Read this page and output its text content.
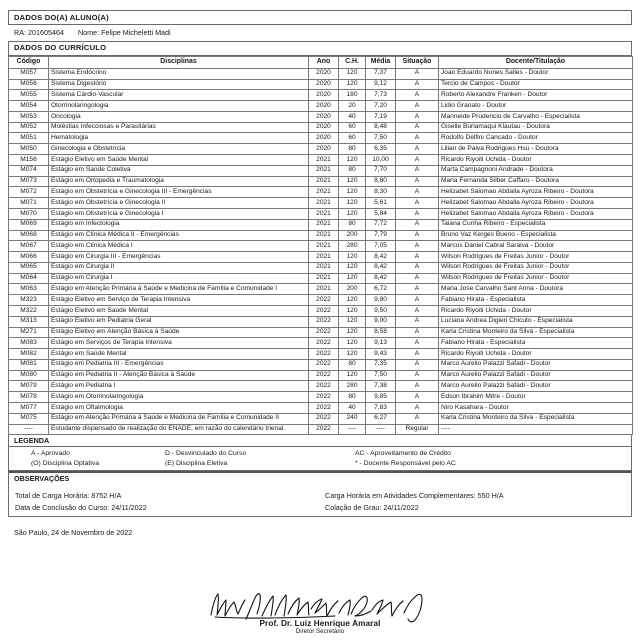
DADOS DO(A) ALUNO(A)
RA: 201605464 Nome: Felipe Micheletti Madi
DADOS DO CURRÍCULO
Código	Disciplinas	Ano	C.H.	Média	Situação	Docente/Titulação
M057	Sistema Endócrino	2020	120	7,37	A	Joao Eduardo Nunes Salles - Doutor
M056	Sistema Digestório	2020	120	9,12	A	Tercio de Campos - Doutor
M055	Sistema Cárdio-Vascular	2020	180	7,73	A	Roberto Alexandre Franken - Doutor
M054	Otorrinolaringologia	2020	20	7,20	A	Lidio Granato - Doutor
M053	Oncologia	2020	40	7,19	A	Marineide Prudencio de Carvalho - Especialista
M052	Moléstias Infecciosas e Parasitárias	2020	60	8,48	A	Giselle Burlamaqui Klautau - Doutora
M051	Hematologia	2020	60	7,50	A	Rodolfo Delfini Cancado - Doutor
M050	Ginecologia e Obstetrícia	2020	80	6,35	A	Lilian de Paiva Rodrigues Hsu - Doutora
M156	Estágio Eletivo em Saúde Mental	2021	120	10,00	A	Ricardo Riyoiti Uchida - Doutor
M074	Estágio em Saúde Coletiva	2021	80	7,70	A	Marta Campagnoni Andrade - Doutora
M073	Estágio em Ortopedia e Traumatologia	2021	120	8,80	A	Maria Fernanda Silber Caffaro - Doutora
M072	Estágio em Obstetrícia e Ginecologia III - Emergências	2021	120	8,30	A	Helizabet Salomao Abdalla Ayroza Ribeiro - Doutora
M071	Estágio em Obstetrícia e Ginecologia II	2021	120	5,61	A	Helizabet Salomao Abdalla Ayroza Ribeiro - Doutora
M070	Estágio em Obstetrícia e Ginecologia I	2021	120	5,84	A	Helizabet Salomao Abdalla Ayroza Ribeiro - Doutora
M069	Estágio em Infectologia	2021	80	7,72	A	Taiana Cunha Ribeiro - Especialista
M068	Estágio em Clínica Médica II - Emergências	2021	200	7,79	A	Bruno Vaz Kerges Bueno - Especialista
M067	Estágio em Clínica Médica I	2021	280	7,05	A	Marcos Daniel Cabral Saraiva - Doutor
M066	Estágio em Cirurgia III - Emergências	2021	120	8,42	A	Wilson Rodrigues de Freitas Junior - Doutor
M065	Estágio em Cirurgia II	2021	120	8,42	A	Wilson Rodrigues de Freitas Junior - Doutor
M064	Estágio em Cirurgia I	2021	120	8,42	A	Wilson Rodrigues de Freitas Junior - Doutor
M063	Estágio em Atenção Primária à Saúde e Medicina de Família e Comunidade I	2021	200	6,72	A	Maria Jose Carvalho Sant Anna - Doutora
M323	Estágio Eletivo em Serviço de Terapia Intensiva	2022	120	9,80	A	Fabiano Hirata - Especialista
M322	Estágio Eletivo em Saúde Mental	2022	120	9,50	A	Ricardo Riyoiti Uchida - Doutor
M313	Estágio Eletivo em Pediatria Geral	2022	120	9,00	A	Luciana Andrea Digieri Chicuto - Especialista
M271	Estágio Eletivo em Atenção Básica à Saúde	2022	120	8,58	A	Karla Cristina Monteiro da Silva - Especialista
M083	Estágio em Serviços de Terapia Intensiva	2022	120	9,13	A	Fabiano Hirata - Especialista
M082	Estágio em Saúde Mental	2022	120	9,43	A	Ricardo Riyoiti Uchida - Doutor
M081	Estágio em Pediatria III - Emergências	2022	80	7,35	A	Marco Aurelio Palazzi Safadi - Doutor
M080	Estágio em Pediatria II - Atenção Básica à Saúde	2022	120	7,50	A	Marco Aurelio Palazzi Safadi - Doutor
M079	Estágio em Pediatria I	2022	280	7,38	A	Marco Aurelio Palazzi Safadi - Doutor
M078	Estágio em Otorrinolaringologia	2022	80	9,85	A	Edson Ibrahim Mitre - Doutor
M077	Estágio em Oftalmologia	2022	40	7,83	A	Niro Kasahara - Doutor
M075	Estágio em Atenção Primária à Saúde e Medicina de Família e Comunidade II	2022	240	6,27	A	Karla Cristina Monteiro da Silva - Especialista
----	Estudante dispensado de realização do ENADE, em razão do calendário trienal.	2022	----	----	Regular	----
LEGENDA
A - Aprovado	D - Desvinculado do Curso	AC - Aproveitamento de Crédito
(O) Disciplina Optativa	(E) Disciplina Eletiva	* - Docente Responsável pelo AC
OBSERVAÇÕES
Total de Carga Horária: 8752 H/A	Carga Horária em Atividades Complementares: 550 H/A
Data de Conclusão do Curso: 24/11/2022	Colação de Grau: 24/11/2022
São Paulo, 24 de Novembro de 2022
Prof. Dr. Luiz Henrique Amaral
Diretor Secretário
